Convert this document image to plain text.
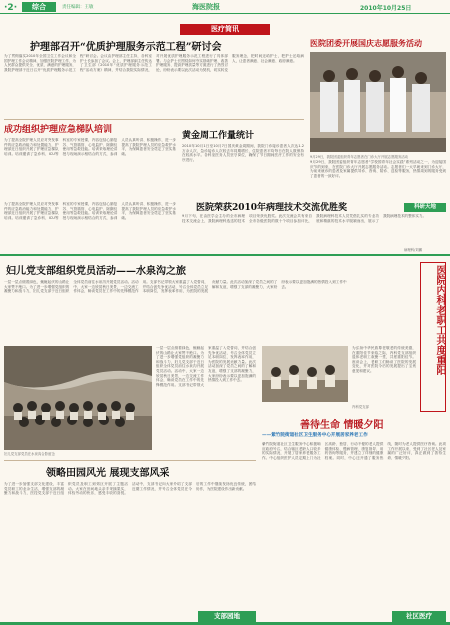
·2·	综合	责任编辑：王敏	海医院报	2010年10月25日
医疗简讯
护理部召开“优质护理服务示范工程”研讨会
为了贯彻落实2010年全国卫生工作会议和全国护理工作会议精神，加强医院护理工作，为人民群众提供安全、优质、满意的护理服务，我院护理部于近日召开“优质护理服务示范工程”研讨会。会议由护理部主任主持，各科室护士长参加了会议。会上，护理部副主任传达了卫生部《2010年“优质护理服务示范工程”活动方案》精神，并结合我院实际情况，对开展优质护理服务示范工程进行了具体部署。与会护士长围绕如何夯实基础护理、改善护理服务、提高护理质量等方面进行了热烈讨论，纷纷表示要以此次活动为契机，切实转变服务理念，把时间还给护士，把护士还给病人，让患者满意、社会满意、政府满意。
医院团委开展国庆志愿服务活动
9月29日，我院团委组织青年志愿者在门诊大厅开展志愿服务活动
9月29日，我院团委组织青年志愿者“学校园青年社会实践”系列活动之一，为迎接国庆节的到来，在医院门诊大厅开展志愿服务活动。志愿者们一大早就来到门诊大厅，为前来就诊的患者及家属提供导诊、咨询、陪诊、送检等服务，热情周到的服务受到了患者的一致好评。
成功组织护理应急梯队培训
为了提高全院护理人员应对突发事件的应急救治能力和处置能力，护理部近日组织开展了护理应急梯队培训。培训邀请了急诊科、ICU等科室的专家授课，内容包括心肺复苏、气管插管、心电监护、除颤仪使用等急救技能。培训采取理论讲授与现场演示相结合的方式，参训人员认真听讲、积极操作，进一步提高了我院护理人员的应急救护水平，为保障患者安全奠定了坚实基础。
黄金周工作量统计
2010年10月1日至10月7日国庆黄金周期间，我院门诊接诊患者人次达1.2万余人次，急诊接诊人次较去年同期增长，住院患者平均每日在院人数保持在较高水平。各科室医务人员坚守岗位，确保了节日期间医疗工作的安全有序进行。
科研天地
医院荣获2010年病理技术交流优胜奖
9月下旬，在由医学会主办的全市病理技术交流会上，我院病理科选送的技术项目荣获优胜奖。此次交流会共有来自全市各级医院的数十个项目参加评比，我院病理科技术人员凭借扎实的专业功底和精湛的技术水平脱颖而出，展示了我院病理技术的整体实力。
病理科/刘鹏
为了提高全院护理人员应对突发事件的应急救治能力和处置能力，护理部近日组织开展了护理应急梯队培训。培训邀请了急诊科、ICU等科室的专家授课，内容包括心肺复苏、气管插管、心电监护、除颤仪使用等急救技能。培训采取理论讲授与现场演示相结合的方式，参训人员认真听讲、积极操作，进一步提高了我院护理人员的应急救护水平，为保障患者安全奠定了坚实基础。
妇儿党支部组织党员活动——水泉沟之旅
一层一层点缀着绿色，蜿蜒起伏的山路让大家赞不绝口。为了进一步增强党组织的凝聚力和战斗力，妇儿党支部于近日组织全体党员前往水泉沟开展党员活动。活动中，大家一边欣赏秋日美景，一边交流工作体会，畅谈党员在工作中的先锋模范作用。支部书记带领大家重温了入党誓词，并结合创先争优活动，号召全体党员立足本职岗位，发挥表率作用，为医院的发展贡献力量。此次活动加深了党员之间的了解和友谊，增强了支部的凝聚力，大家纷纷表示要以更加饱满的热情投入到工作中去。
妇儿党支部党员在水泉沟合影留念
一层一层点缀着绿色，蜿蜒起伏的山路让大家赞不绝口。为了进一步增强党组织的凝聚力和战斗力，妇儿党支部于近日组织全体党员前往水泉沟开展党员活动。活动中，大家一边欣赏秋日美景，一边交流工作体会，畅谈党员在工作中的先锋模范作用。支部书记带领大家重温了入党誓词，并结合创先争优活动，号召全体党员立足本职岗位，发挥表率作用，为医院的发展贡献力量。此次活动加深了党员之间的了解和友谊，增强了支部的凝聚力，大家纷纷表示要以更加饱满的热情投入到工作中去。
医院内科老职工共度重阳
为弘扬中华民族尊老敬老的传统美德，在重阳佳节来临之际，内科党支部组织退休老职工欢聚一堂，共度重阳佳节。座谈会上，老职工们畅谈了医院的发展变化，并对医院今后的发展提出了宝贵意见和建议。
内科党支部
善待生命 情暖夕阳
——紫竹院街道社区卫生服务中心开展居家养老工作
紫竹院街道社区卫生服务中心积极响应政府号召，结合辖区老龄人口较多的实际情况，开展了居家养老服务工作。中心组织医护人员定期上门为社区高龄、独居、行动不便的老人提供健康体检、慢病管理、康复指导、用药咨询等服务，并建立了详细的健康档案。同时，中心还开通了服务热线，随时为老人提供医疗咨询。此项工作开展以来，受到了社区老人及家属的广泛好评，真正做到了善待生命、情暖夕阳。
领略田园风光 展现支部风采
为了进一步加强支部文化建设，丰富党员职工的业余生活，增强支部的凝聚力和战斗力，医技党支部于近日组织党员及职工到郊区开展了主题活动。大家在田间地头亲手采摘果实，体验劳动的快乐，感受丰收的喜悦。活动中，支部书记向大家介绍了支部近期工作情况，并号召全体党员在今后的工作中继续发扬优良传统，团结协作，为医院建设作出新贡献。
支部园地	社区医疗
